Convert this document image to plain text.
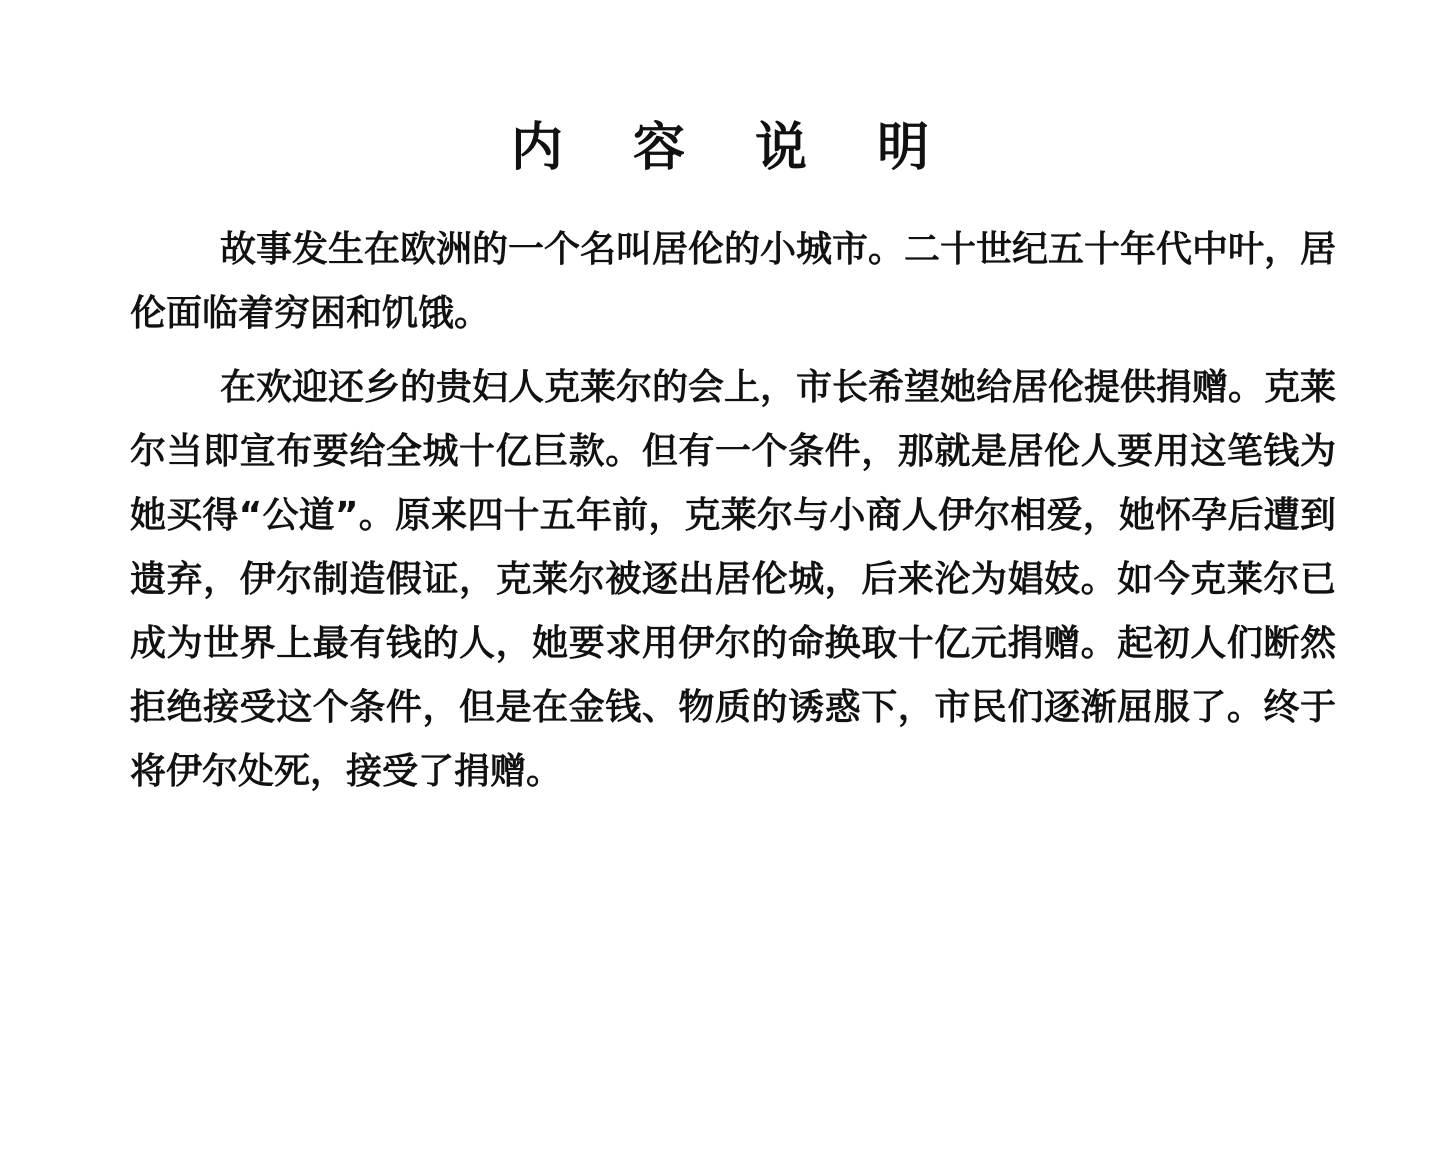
内 容 说 明

故事发生在欧洲的一个名叫居伦的小城市。二十世纪五十年代中叶，居伦面临着穷困和饥饿。

在欢迎还乡的贵妇人克莱尔的会上，市长希望她给居伦提供捐赠。克莱尔当即宣布要给全城十亿巨款。但有一个条件，那就是居伦人要用这笔钱为她买得“公道”。原来四十五年前，克莱尔与小商人伊尔相爱，她怀孕后遭到遗弃，伊尔制造假证，克莱尔被逐出居伦城，后来沦为娼妓。如今克莱尔已成为世界上最有钱的人，她要求用伊尔的命换取十亿元捐赠。起初人们断然拒绝接受这个条件，但是在金钱、物质的诱惑下，市民们逐渐屈服了。终于将伊尔处死，接受了捐赠。
